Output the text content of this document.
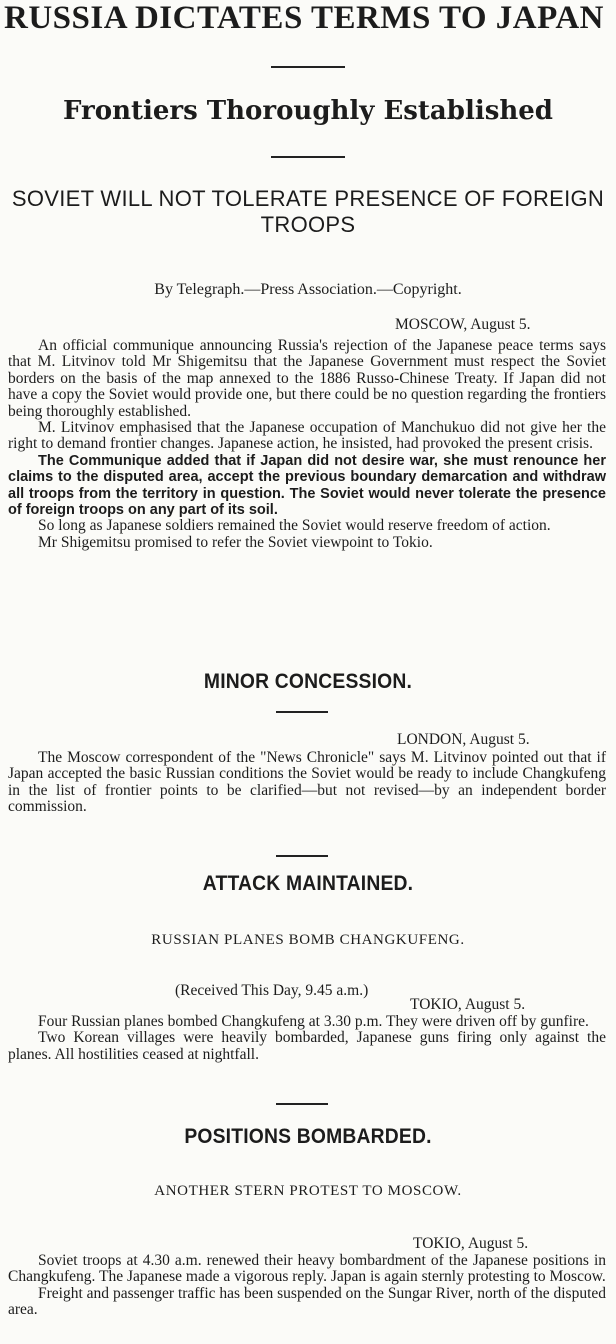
RUSSIA DICTATES TERMS TO JAPAN
Frontiers Thoroughly Established
SOVIET WILL NOT TOLERATE PRESENCE OF FOREIGN TROOPS
By Telegraph.—Press Association.—Copyright.
MOSCOW, August 5.

An official communique announcing Russia's rejection of the Japanese peace terms says that M. Litvinov told Mr Shigemitsu that the Japanese Government must respect the Soviet borders on the basis of the map annexed to the 1886 Russo-Chinese Treaty. If Japan did not have a copy the Soviet would provide one, but there could be no question regarding the frontiers being thoroughly established.

M. Litvinov emphasised that the Japanese occupation of Manchukuo did not give her the right to demand frontier changes. Japanese action, he insisted, had provoked the present crisis.

The Communique added that if Japan did not desire war, she must renounce her claims to the disputed area, accept the previous boundary demarcation and withdraw all troops from the territory in question. The Soviet would never tolerate the presence of foreign troops on any part of its soil.

So long as Japanese soldiers remained the Soviet would reserve freedom of action.

Mr Shigemitsu promised to refer the Soviet viewpoint to Tokio.

MINOR CONCESSION.
LONDON, August 5.

The Moscow correspondent of the "News Chronicle" says M. Litvinov pointed out that if Japan accepted the basic Russian conditions the Soviet would be ready to include Changkufeng in the list of frontier points to be clarified—but not revised—by an independent border commission.

ATTACK MAINTAINED.
RUSSIAN PLANES BOMB CHANGKUFENG.
(Received This Day, 9.45 a.m.)
TOKIO, August 5.

Four Russian planes bombed Changkufeng at 3.30 p.m. They were driven off by gunfire.

Two Korean villages were heavily bombarded, Japanese guns firing only against the planes. All hostilities ceased at nightfall.

POSITIONS BOMBARDED.
ANOTHER STERN PROTEST TO MOSCOW.
TOKIO, August 5.

Soviet troops at 4.30 a.m. renewed their heavy bombardment of the Japanese positions in Changkufeng. The Japanese made a vigorous reply. Japan is again sternly protesting to Moscow.

Freight and passenger traffic has been suspended on the Sungar River, north of the disputed area.
